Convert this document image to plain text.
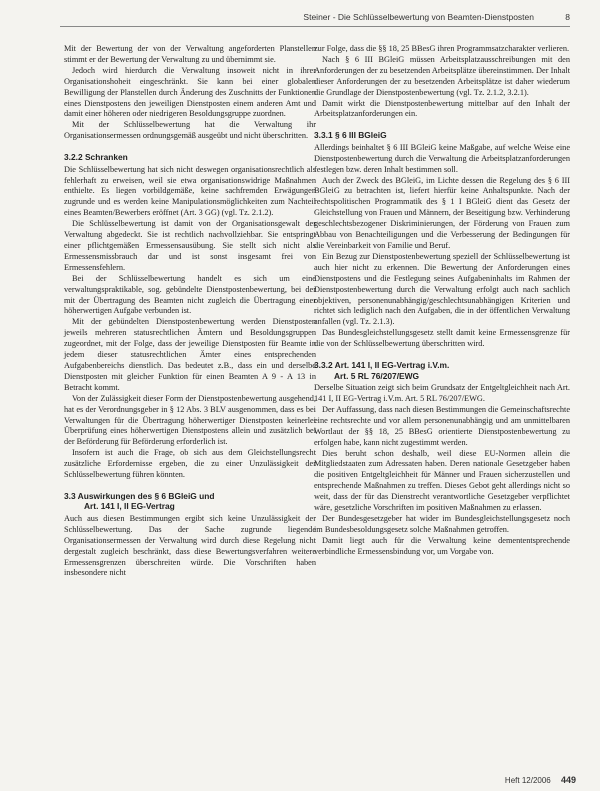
Steiner - Die Schlüsselbewertung von Beamten-Dienstposten	8

Mit der Bewertung der von der Verwaltung angeforderten Planstellen stimmt er der Bewertung der Verwaltung zu und übernimmt sie.

Jedoch wird hierdurch die Verwaltung insoweit nicht in ihrer Organisationshoheit eingeschränkt. Sie kann bei einer globalen Bewilligung der Planstellen durch Änderung des Zuschnitts der Funktionen eines Dienstpostens den jeweiligen Dienstposten einem anderen Amt und damit einer höheren oder niedrigeren Besoldungsgruppe zuordnen.

Mit der Schlüsselbewertung hat die Verwaltung ihr Organisationsermessen ordnungsgemäß ausgeübt und nicht überschritten.

3.2.2 Schranken

Die Schlüsselbewertung hat sich nicht deswegen organisationsrechtlich als fehlerhaft zu erweisen, weil sie etwa organisationswidrige Maßnahmen enthielte. Es liegen vorbildgemäße, keine sachfremden Erwägungen zugrunde und es werden keine Manipulationsmöglichkeiten zum Nachteil eines Beamten/Bewerbers eröffnet (Art. 3 GG) (vgl. Tz. 2.1.2).

Die Schlüsselbewertung ist damit von der Organisationsgewalt der Verwaltung abgedeckt. Sie ist rechtlich nachvollziehbar. Sie entspringt einer pflichtgemäßen Ermessensausübung. Sie stellt sich nicht als Ermessensmissbrauch dar und ist sonst insgesamt frei von Ermessensfehlern.

Bei der Schlüsselbewertung handelt es sich um eine verwaltungspraktikable, sog. gebündelte Dienstpostenbewertung, bei der mit der Übertragung des Beamten nicht zugleich die Übertragung einer höherwertigen Aufgabe verbunden ist.

Mit der gebündelten Dienstpostenbewertung werden Dienstposten jeweils mehreren statusrechtlichen Ämtern und Besoldungsgruppen zugeordnet, mit der Folge, dass der jeweilige Dienstposten für Beamte in jedem dieser statusrechtlichen Ämter eines entsprechenden Aufgabenbereichs dienstlich. Das bedeutet z.B., dass ein und derselbe Dienstposten mit gleicher Funktion für einen Beamten A 9 - A 13 in Betracht kommt.

Von der Zulässigkeit dieser Form der Dienstpostenbewertung ausgehend, hat es der Verordnungsgeber in § 12 Abs. 3 BLV ausgenommen, dass es bei Verwaltungen für die Übertragung höherwertiger Dienstposten keinerlei Überprüfung eines höherwertigen Dienstpostens allein und zusätzlich bei der Beförderung für Beförderung erforderlich ist.

Insofern ist auch die Frage, ob sich aus dem Gleichstellungsrecht zusätzliche Erfordernisse ergeben, die zu einer Unzulässigkeit der Schlüsselbewertung führen könnten.

3.3 Auswirkungen des § 6 BGleiG und
Art. 141 I, II EG-Vertrag

Auch aus diesen Bestimmungen ergibt sich keine Unzulässigkeit der Schlüsselbewertung. Das der Sache zugrunde liegende Organisationsermessen der Verwaltung wird durch diese Regelung nicht dergestalt zugleich beschränkt, dass diese Bewertungsverfahren weitere Ermessensgrenzen überschreiten würde. Die Vorschriften haben insbesondere nicht

zur Folge, dass die §§ 18, 25 BBesG ihren Programmsatzcharakter verlieren.

Nach § 6 III BGleiG müssen Arbeitsplatzausschreibungen mit den Anforderungen der zu besetzenden Arbeitsplätze übereinstimmen. Der Inhalt dieser Anforderungen der zu besetzenden Arbeitsplätze ist daher wiederum die Grundlage der Dienstpostenbewertung (vgl. Tz. 2.1.2, 3.2.1).

Damit wirkt die Dienstpostenbewertung mittelbar auf den Inhalt der Arbeitsplatzanforderungen ein.

3.3.1 § 6 III BGleiG

Allerdings beinhaltet § 6 III BGleiG keine Maßgabe, auf welche Weise eine Dienstpostenbewertung durch die Verwaltung die Arbeitsplatzanforderungen festlegen bzw. deren Inhalt bestimmen soll.

Auch der Zweck des BGleiG, im Lichte dessen die Regelung des § 6 III BGleiG zu betrachten ist, liefert hierfür keine Anhaltspunkte. Nach der rechtspolitischen Programmatik des § 1 I BGleiG dient das Gesetz der Gleichstellung von Frauen und Männern, der Beseitigung bzw. Verhinderung geschlechtsbezogener Diskriminierungen, der Förderung von Frauen zum Abbau von Benachteiligungen und die Verbesserung der Bedingungen für die Vereinbarkeit von Familie und Beruf.

Ein Bezug zur Dienstpostenbewertung speziell der Schlüsselbewertung ist auch hier nicht zu erkennen. Die Bewertung der Anforderungen eines Dienstpostens und die Festlegung seines Aufgabeninhalts im Rahmen der Dienstpostenbewertung durch die Verwaltung erfolgt auch nach sachlich objektiven, personenunabhängig/geschlechtsunabhängigen Kriterien und richtet sich lediglich nach den Aufgaben, die in der öffentlichen Verwaltung anfallen (vgl. Tz. 2.1.3).

Das Bundesgleichstellungsgesetz stellt damit keine Ermessensgrenze für die von der Schlüsselbewertung überschritten wird.

3.3.2 Art. 141 I, II EG-Vertrag i.V.m.
Art. 5 RL 76/207/EWG

Derselbe Situation zeigt sich beim Grundsatz der Entgeltgleichheit nach Art. 141 I, II EG-Vertrag i.V.m. Art. 5 RL 76/207/EWG.

Der Auffassung, dass nach diesen Bestimmungen die Gemeinschaftsrechte eine rechtsrechte und vor allem personenunabhängig und am unmittelbaren Wortlaut der §§ 18, 25 BBesG orientierte Dienstpostenbewertung zu erfolgen habe, kann nicht zugestimmt werden.

Dies beruht schon deshalb, weil diese EU-Normen allein die Mitgliedstaaten zum Adressaten haben. Deren nationale Gesetzgeber haben die positiven Entgeltgleichheit für Männer und Frauen sicherzustellen und entsprechende Maßnahmen zu treffen. Dieses Gebot geht allerdings nicht so weit, dass der für das Dienstrecht verantwortliche Gesetzgeber verpflichtet wäre, gesetzliche Vorschriften im positiven Maßnahmen zu erlassen.

Der Bundesgesetzgeber hat wider im Bundesgleichstellungsgesetz noch im Bundesbesoldungsgesetz solche Maßnahmen getroffen.

Damit liegt auch für die Verwaltung keine demententsprechende verbindliche Ermessensbindung vor, um Vorgabe von.

Heft 12/2006 449
